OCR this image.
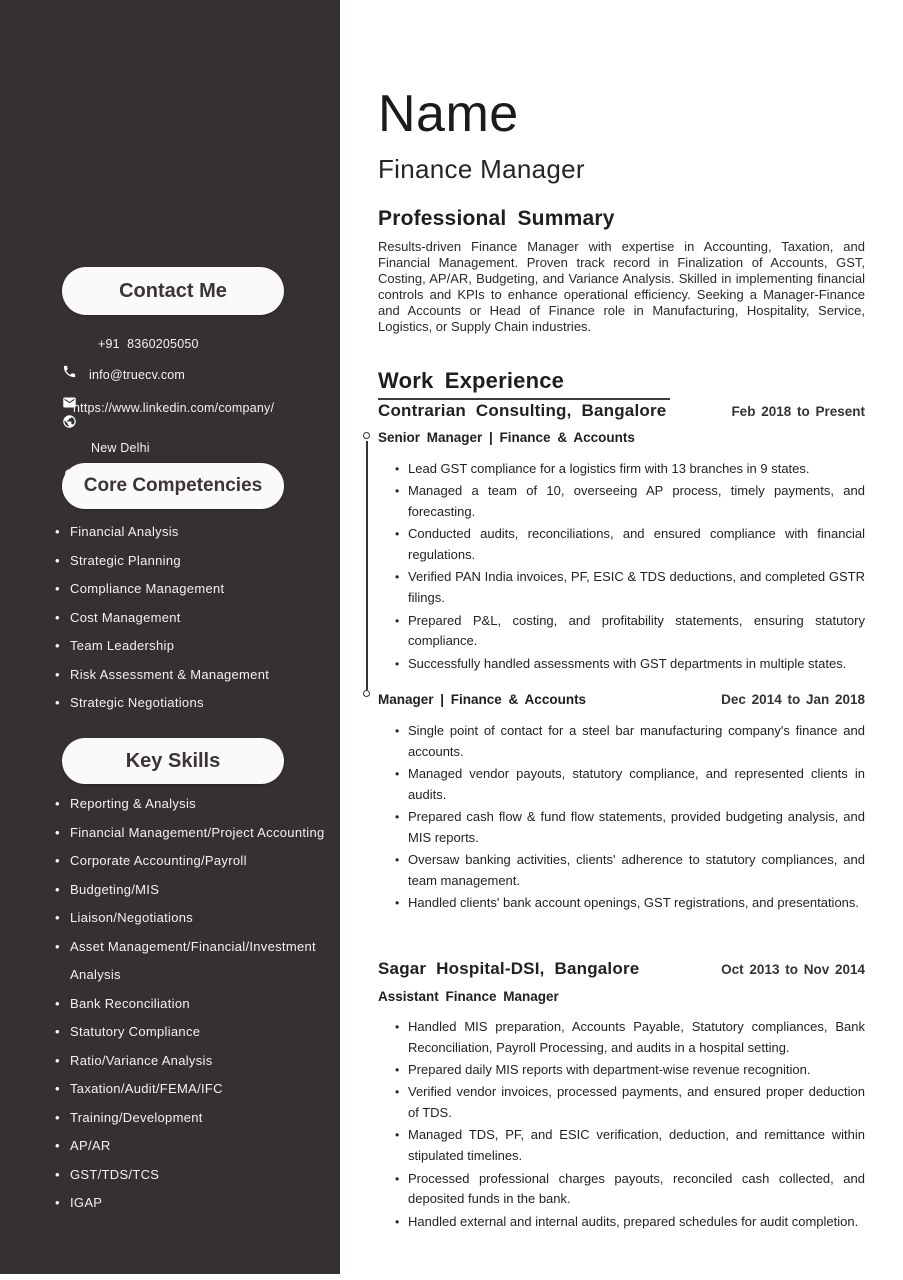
Contact Me

+91  8360205050

info@truecv.com

https://www.linkedin.com/company/

New Delhi
Core Competencies
• Financial Analysis
• Strategic Planning
• Compliance Management
• Cost Management
• Team Leadership
• Risk Assessment & Management
• Strategic Negotiations
Key Skills
• Reporting & Analysis
• Financial Management/Project Accounting
• Corporate Accounting/Payroll
• Budgeting/MIS
• Liaison/Negotiations
• Asset Management/Financial/Investment Analysis
• Bank Reconciliation
• Statutory Compliance
• Ratio/Variance Analysis
• Taxation/Audit/FEMA/IFC
• Training/Development
• AP/AR
• GST/TDS/TCS
• IGAP
Name
Finance Manager
Professional Summary

Results-driven Finance Manager with expertise in Accounting, Taxation, and Financial Management. Proven track record in Finalization of Accounts, GST, Costing, AP/AR, Budgeting, and Variance Analysis. Skilled in implementing financial controls and KPIs to enhance operational efficiency. Seeking a Manager-Finance and Accounts or Head of Finance role in Manufacturing, Hospitality, Service, Logistics, or Supply Chain industries.

Work Experience
Contrarian Consulting, Bangalore	Feb 2018 to Present
Senior Manager | Finance & Accounts
• Lead GST compliance for a logistics firm with 13 branches in 9 states.
• Managed a team of 10, overseeing AP process, timely payments, and forecasting.
• Conducted audits, reconciliations, and ensured compliance with financial regulations.
• Verified PAN India invoices, PF, ESIC & TDS deductions, and completed GSTR filings.
• Prepared P&L, costing, and profitability statements, ensuring statutory compliance.
• Successfully handled assessments with GST departments in multiple states.
Manager | Finance & Accounts	Dec 2014 to Jan 2018
• Single point of contact for a steel bar manufacturing company's finance and accounts.
• Managed vendor payouts, statutory compliance, and represented clients in audits.
• Prepared cash flow & fund flow statements, provided budgeting analysis, and MIS reports.
• Oversaw banking activities, clients' adherence to statutory compliances, and team management.
• Handled clients' bank account openings, GST registrations, and presentations.
Sagar Hospital-DSI, Bangalore	Oct 2013 to Nov 2014
Assistant Finance Manager
• Handled MIS preparation, Accounts Payable, Statutory compliances, Bank Reconciliation, Payroll Processing, and audits in a hospital setting.
• Prepared daily MIS reports with department-wise revenue recognition.
• Verified vendor invoices, processed payments, and ensured proper deduction of TDS.
• Managed TDS, PF, and ESIC verification, deduction, and remittance within stipulated timelines.
• Processed professional charges payouts, reconciled cash collected, and deposited funds in the bank.
• Handled external and internal audits, prepared schedules for audit completion.
